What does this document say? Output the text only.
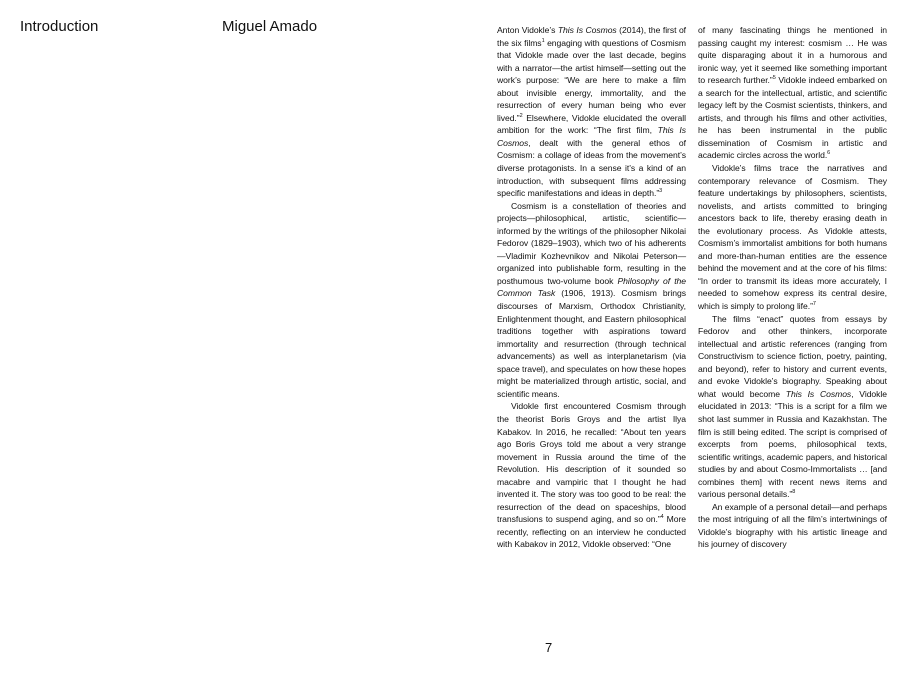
Introduction	Miguel Amado	Anton Vidokle’s This Is Cosmos (2014), the first of the six films$^1$ engaging with questions of Cosmism that Vidokle made over the last decade, begins with a narrator—the artist himself—setting out the work’s purpose: “We are here to make a film about invisible energy, immortality, and the resurrection of every human being who ever lived.”$^2$ Elsewhere, Vidokle elucidated the overall ambition for the work: “The first film, This Is Cosmos, dealt with the general ethos of Cosmism: a collage of ideas from the movement’s diverse protagonists. In a sense it’s a kind of an introduction, with subsequent films addressing specific manifestations and ideas in depth.”$^3$

Cosmism is a constellation of theories and projects—philosophical, artistic, scientific—informed by the writings of the philosopher Nikolai Fedorov (1829–1903), which two of his adherents—Vladimir Kozhevnikov and Nikolai Peterson—organized into publishable form, resulting in the posthumous two-volume book Philosophy of the Common Task (1906, 1913). Cosmism brings discourses of Marxism, Orthodox Christianity, Enlightenment thought, and Eastern philosophical traditions together with aspirations toward immortality and resurrection (through technical advancements) as well as interplanetarism (via space travel), and speculates on how these hopes might be materialized through artistic, social, and scientific means.

Vidokle first encountered Cosmism through the theorist Boris Groys and the artist Ilya Kabakov. In 2016, he recalled: “About ten years ago Boris Groys told me about a very strange movement in Russia around the time of the Revolution. His description of it sounded so macabre and vampiric that I thought he had invented it. The story was too good to be real: the resurrection of the dead on spaceships, blood transfusions to suspend aging, and so on.”$^4$ More recently, reflecting on an interview he conducted with Kabakov in 2012, Vidokle observed: “One

of many fascinating things he mentioned in passing caught my interest: cosmism … He was quite disparaging about it in a humorous and ironic way, yet it seemed like something important to research further.”$^5$ Vidokle indeed embarked on a search for the intellectual, artistic, and scientific legacy left by the Cosmist scientists, thinkers, and artists, and through his films and other activities, he has been instrumental in the public dissemination of Cosmism in artistic and academic circles across the world.$^6$

Vidokle’s films trace the narratives and contemporary relevance of Cosmism. They feature undertakings by philosophers, scientists, novelists, and artists committed to bringing ancestors back to life, thereby erasing death in the evolutionary process. As Vidokle attests, Cosmism’s immortalist ambitions for both humans and more-than-human entities are the essence behind the movement and at the core of his films: “In order to transmit its ideas more accurately, I needed to somehow express its central desire, which is simply to prolong life.”$^7$

The films “enact” quotes from essays by Fedorov and other thinkers, incorporate intellectual and artistic references (ranging from Constructivism to science fiction, poetry, painting, and beyond), refer to history and current events, and evoke Vidokle’s biography. Speaking about what would become This Is Cosmos, Vidokle elucidated in 2013: “This is a script for a film we shot last summer in Russia and Kazakhstan. The film is still being edited. The script is comprised of excerpts from poems, philosophical texts, scientific writings, academic papers, and historical studies by and about Cosmo-Immortalists … [and combines them] with recent news items and various personal details.”$^8$

An example of a personal detail—and perhaps the most intriguing of all the film’s intertwinings of Vidokle’s biography with his artistic lineage and his journey of discovery

7
